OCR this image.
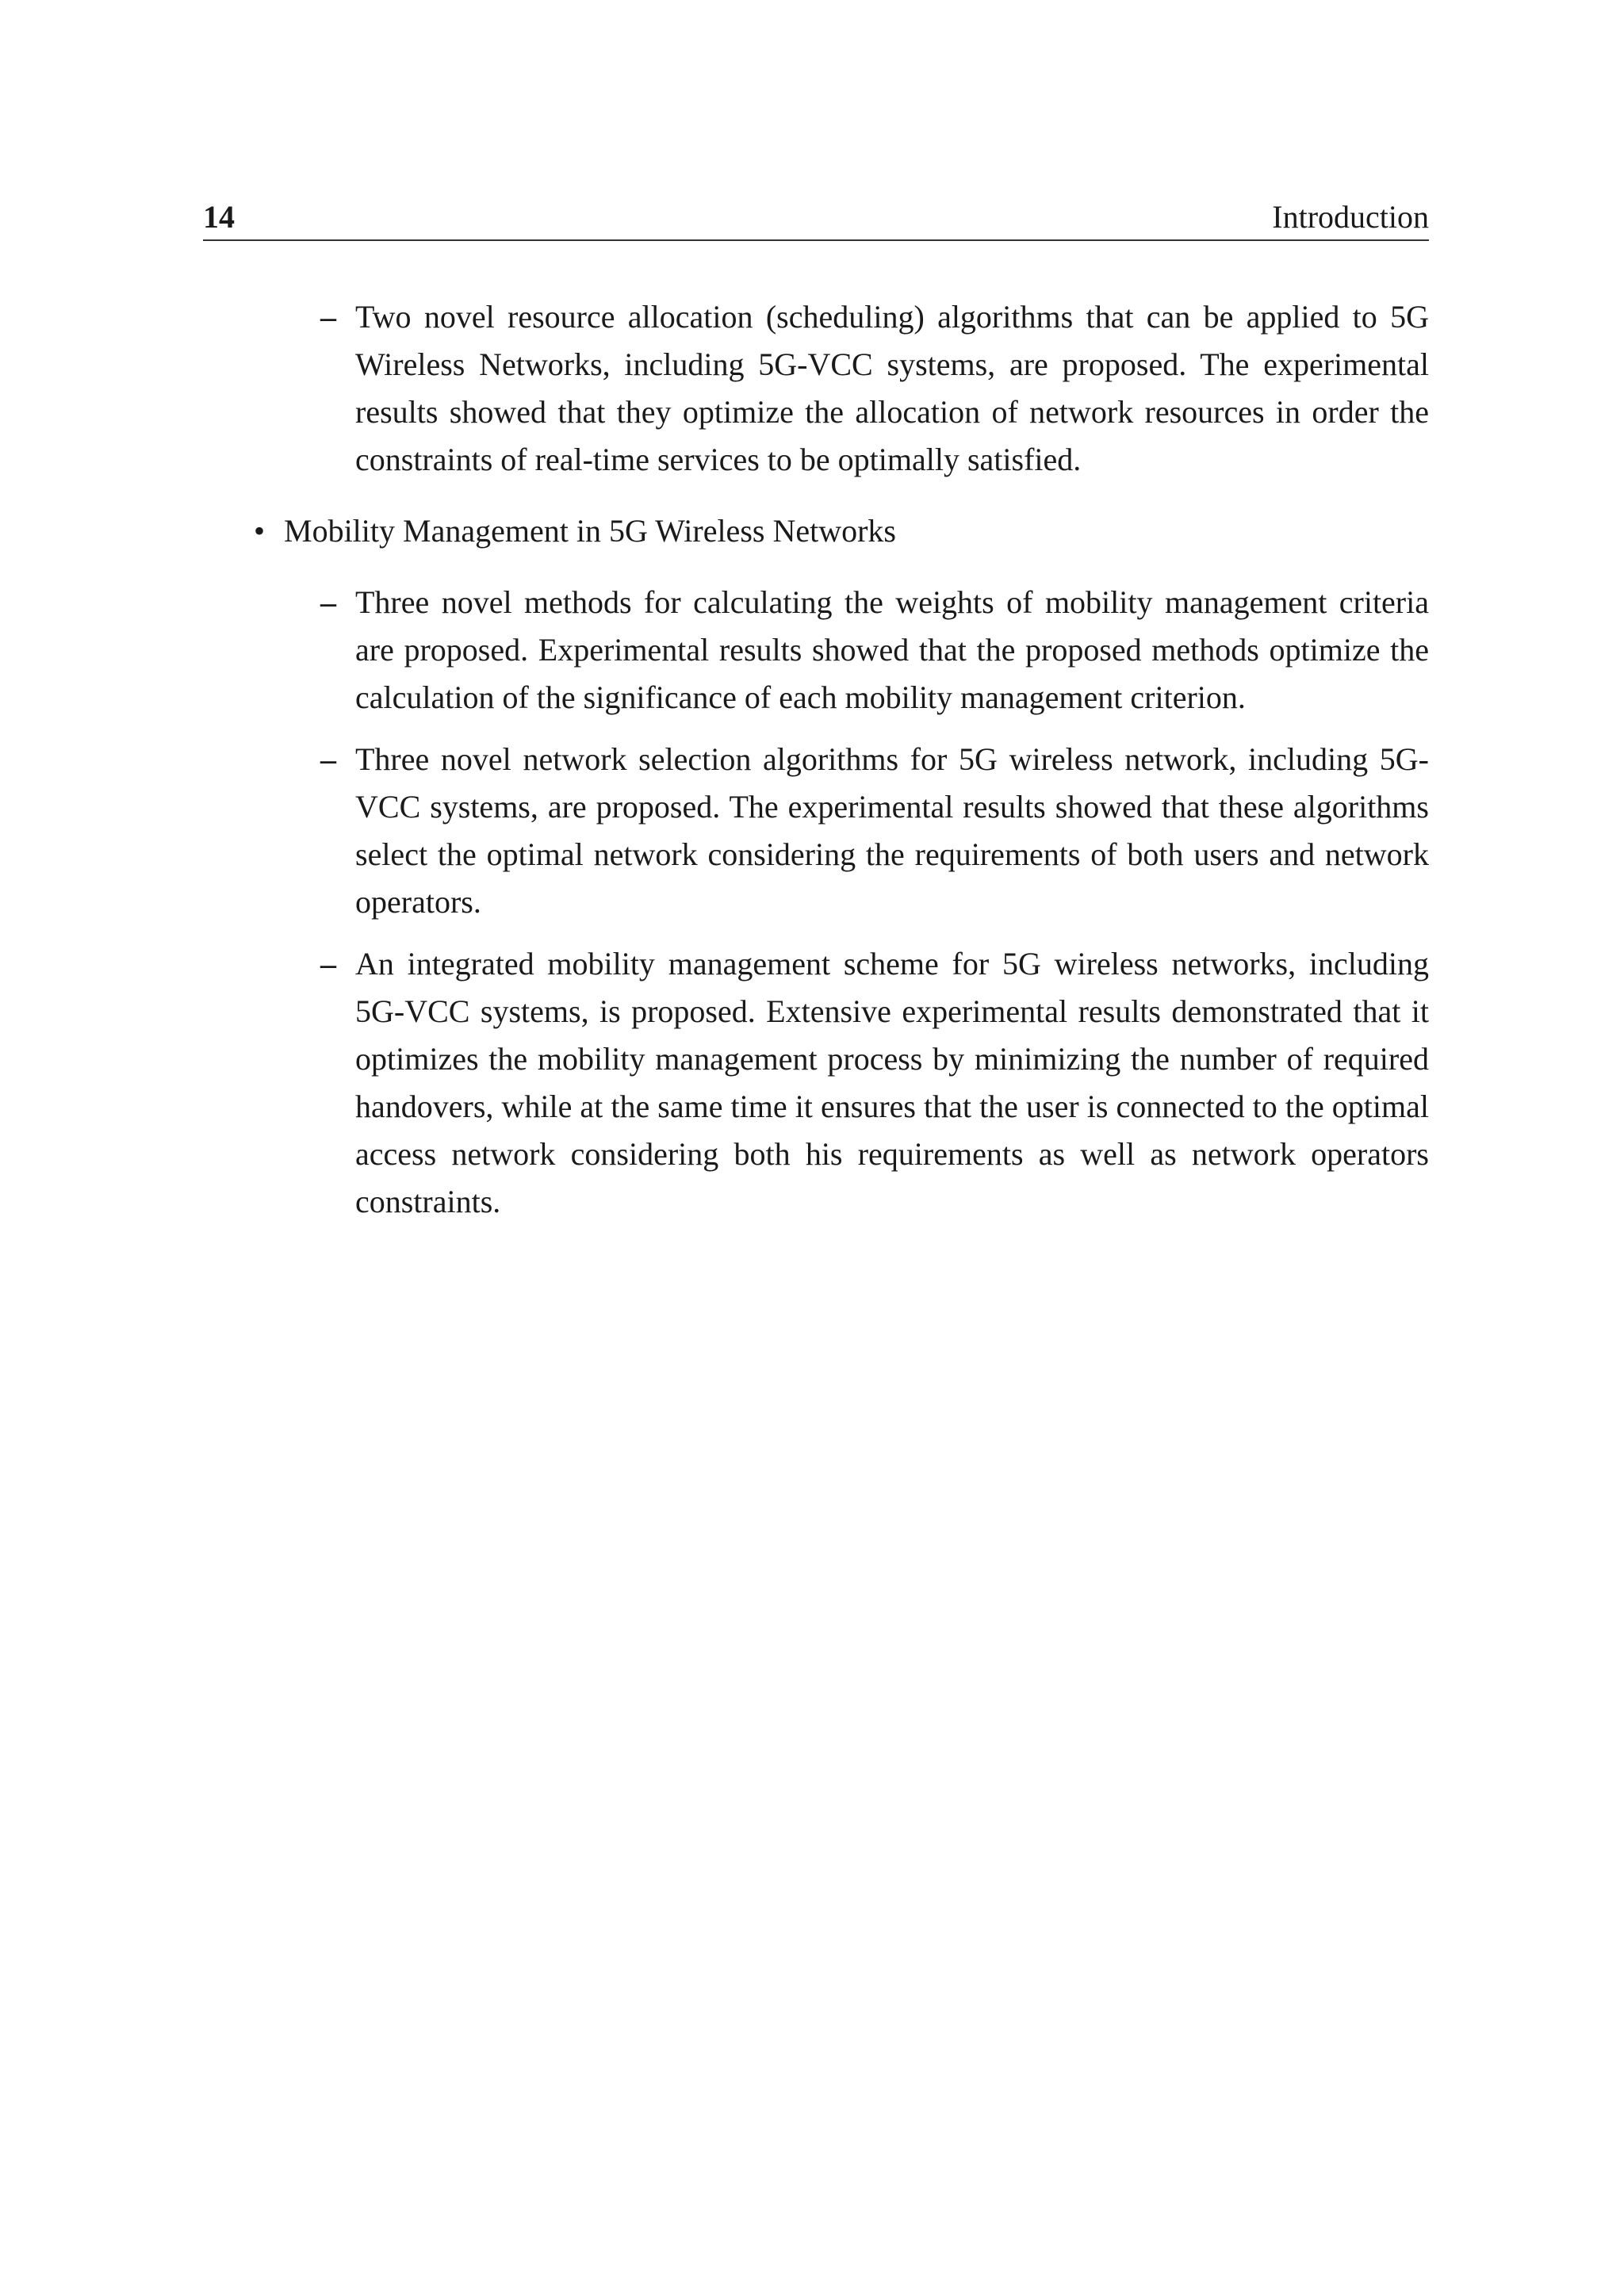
14	Introduction
– Two novel resource allocation (scheduling) algorithms that can be applied to 5G Wireless Networks, including 5G-VCC systems, are proposed. The experimental results showed that they optimize the allocation of network resources in order the constraints of real-time services to be optimally satisfied.
• Mobility Management in 5G Wireless Networks
– Three novel methods for calculating the weights of mobility management criteria are proposed. Experimental results showed that the proposed methods optimize the calculation of the significance of each mobility management criterion.
– Three novel network selection algorithms for 5G wireless network, including 5G-VCC systems, are proposed. The experimental results showed that these algorithms select the optimal network considering the requirements of both users and network operators.
– An integrated mobility management scheme for 5G wireless networks, including 5G-VCC systems, is proposed. Extensive experimental results demonstrated that it optimizes the mobility management process by minimizing the number of required handovers, while at the same time it ensures that the user is connected to the optimal access network considering both his requirements as well as network operators constraints.
